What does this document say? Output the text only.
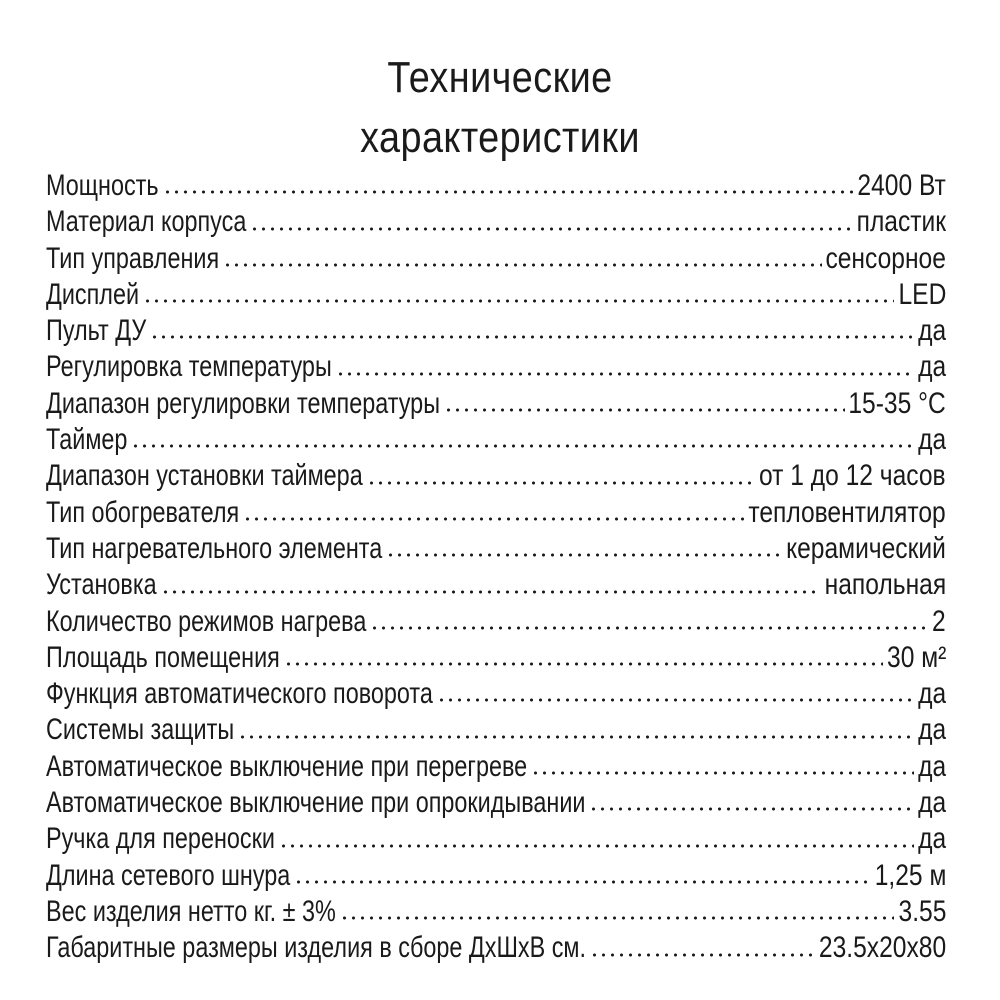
Технические
характеристики
Мощность	2400 Вт
Материал корпуса	пластик
Тип управления	сенсорное
Дисплей	LED
Пульт ДУ	да
Регулировка температуры	да
Диапазон регулировки температуры	15-35 °С
Таймер	да
Диапазон установки таймера	от 1 до 12 часов
Тип обогревателя	тепловентилятор
Тип нагревательного элемента	керамический
Установка	напольная
Количество режимов нагрева	2
Площадь помещения	30 м²
Функция автоматического поворота	да
Системы защиты	да
Автоматическое выключение при перегреве	да
Автоматическое выключение при опрокидывании	да
Ручка для переноски	да
Длина сетевого шнура	1,25 м
Вес изделия нетто кг. ± 3%	3.55
Габаритные размеры изделия в сборе ДхШхВ см.	23.5х20х80
